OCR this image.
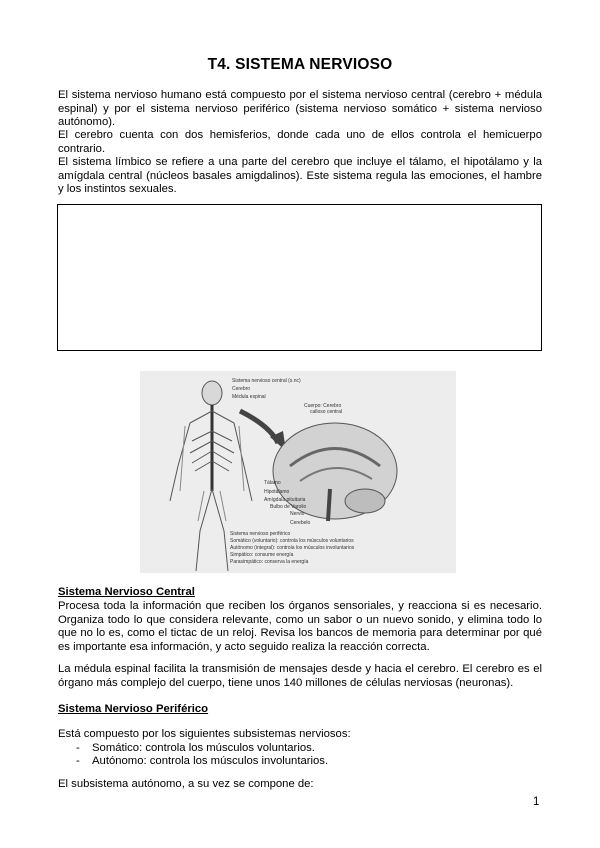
T4. SISTEMA NERVIOSO
El sistema nervioso humano está compuesto por el sistema nervioso central (cerebro + médula espinal) y por el sistema nervioso periférico (sistema nervioso somático + sistema nervioso autónomo).
El cerebro cuenta con dos hemisferios, donde cada uno de ellos controla el hemicuerpo contrario.
El sistema límbico se refiere a una parte del cerebro que incluye el tálamo, el hipotálamo y la amígdala central (núcleos basales amigdalinos). Este sistema regula las emociones, el hambre y los instintos sexuales.
Sistema nervioso central (s.nc)
Cerebro
Médula espinal
Cuerpo: Cerebro
calloso central
Tálamo
Hipotálamo
Amígdala pituitaria
Bulbo de Varolio
Nervio
Cerebelo
Sistema nervioso periférico
Somático (voluntario): controla los músculos voluntarios
Autónomo (integral): controla los músculos involuntarios
Simpático: consume energía
Parasimpático: conserva la energía
Sistema Nervioso Central
Procesa toda la información que reciben los órganos sensoriales, y reacciona si es necesario. Organiza todo lo que considera relevante, como un sabor o un nuevo sonido, y elimina todo lo que no lo es, como el tictac de un reloj. Revisa los bancos de memoria para determinar por qué es importante esa información, y acto seguido realiza la reacción correcta.
La médula espinal facilita la transmisión de mensajes desde y hacia el cerebro. El cerebro es el órgano más complejo del cuerpo, tiene unos 140 millones de células nerviosas (neuronas).
Sistema Nervioso Periférico
Está compuesto por los siguientes subsistemas nerviosos:
- Somático: controla los músculos voluntarios.
- Autónomo: controla los músculos involuntarios.
El subsistema autónomo, a su vez se compone de:
1
